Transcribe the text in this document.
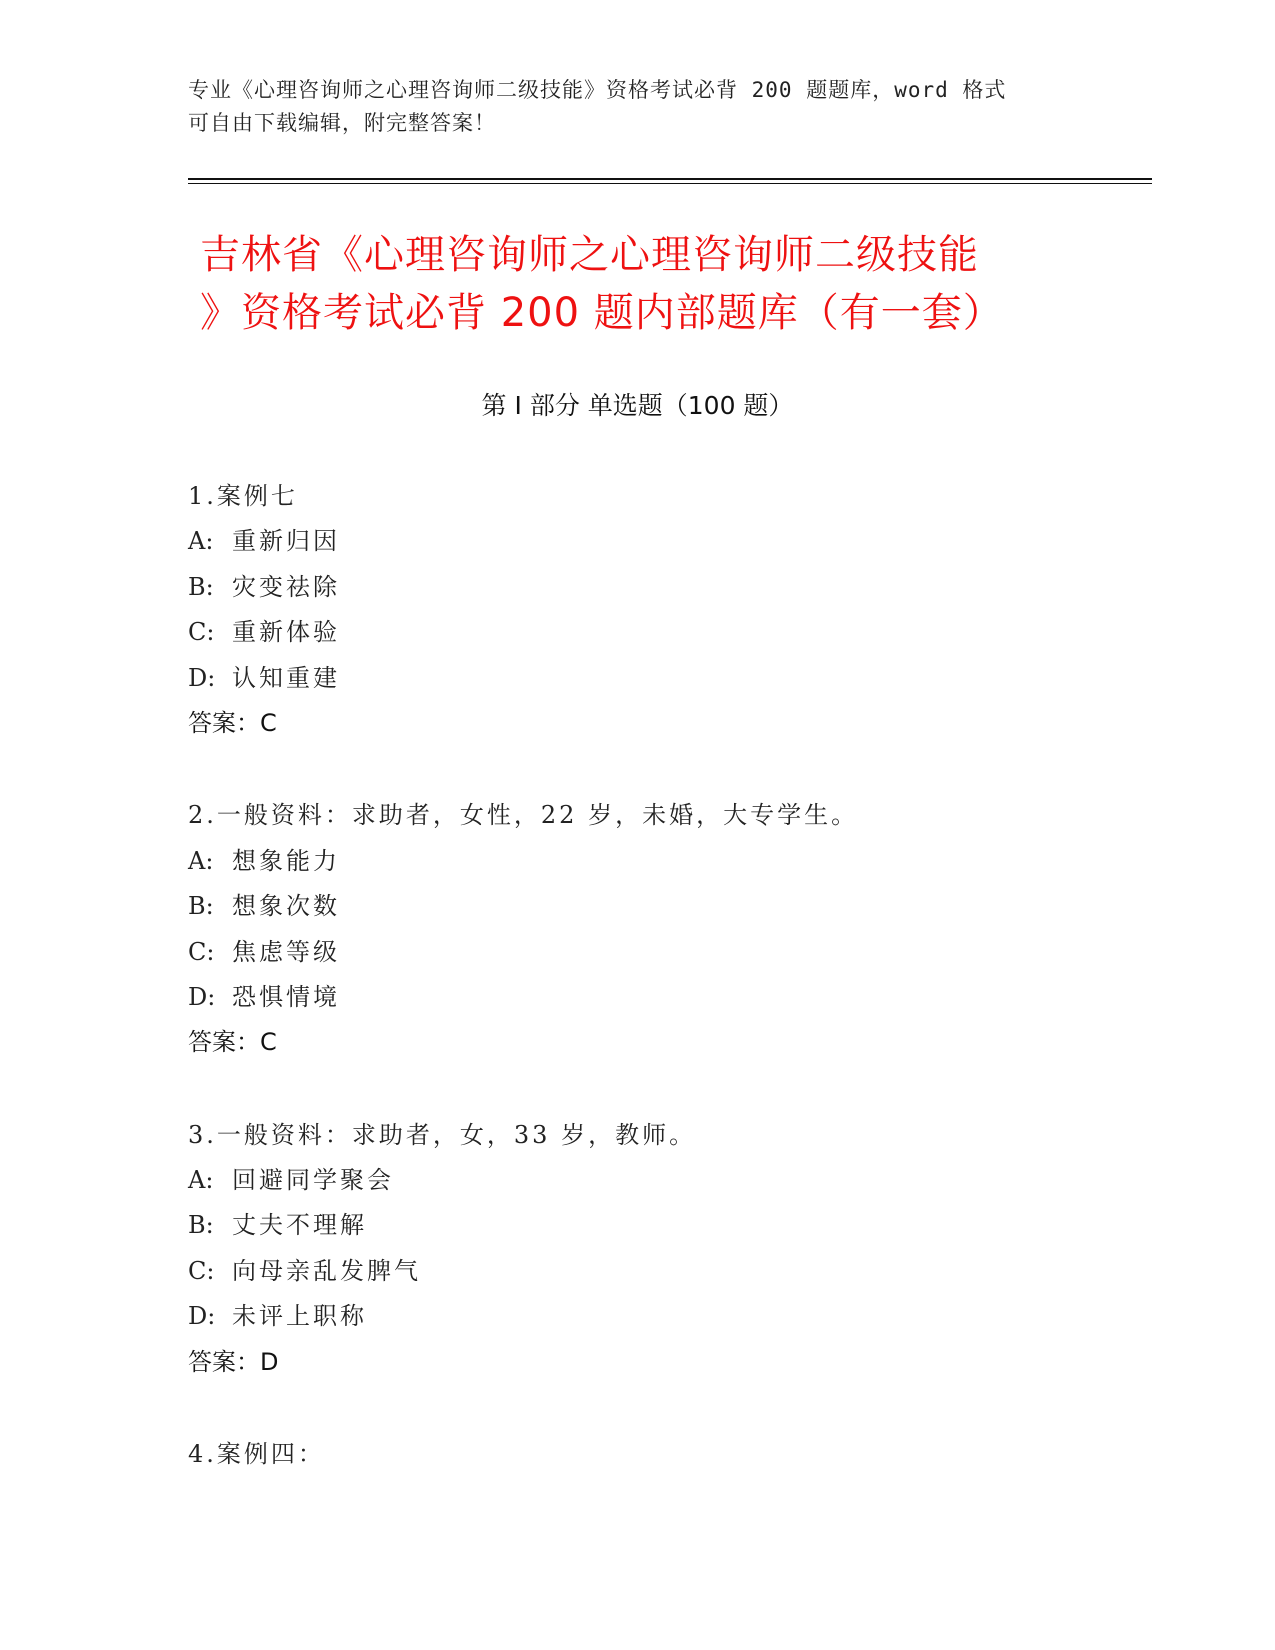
专业《心理咨询师之心理咨询师二级技能》资格考试必背 200 题题库，word 格式
可自由下载编辑，附完整答案！
吉林省《心理咨询师之心理咨询师二级技能
》资格考试必背 200 题内部题库（有一套）
第 I 部分 单选题（100 题）
1.案例七
A: 重新归因
B: 灾变祛除
C: 重新体验
D: 认知重建
答案：C
2.一般资料：求助者，女性，22 岁，未婚，大专学生。
A: 想象能力
B: 想象次数
C: 焦虑等级
D: 恐惧情境
答案：C
3.一般资料：求助者，女，33 岁，教师。
A: 回避同学聚会
B: 丈夫不理解
C: 向母亲乱发脾气
D: 未评上职称
答案：D
4.案例四：
